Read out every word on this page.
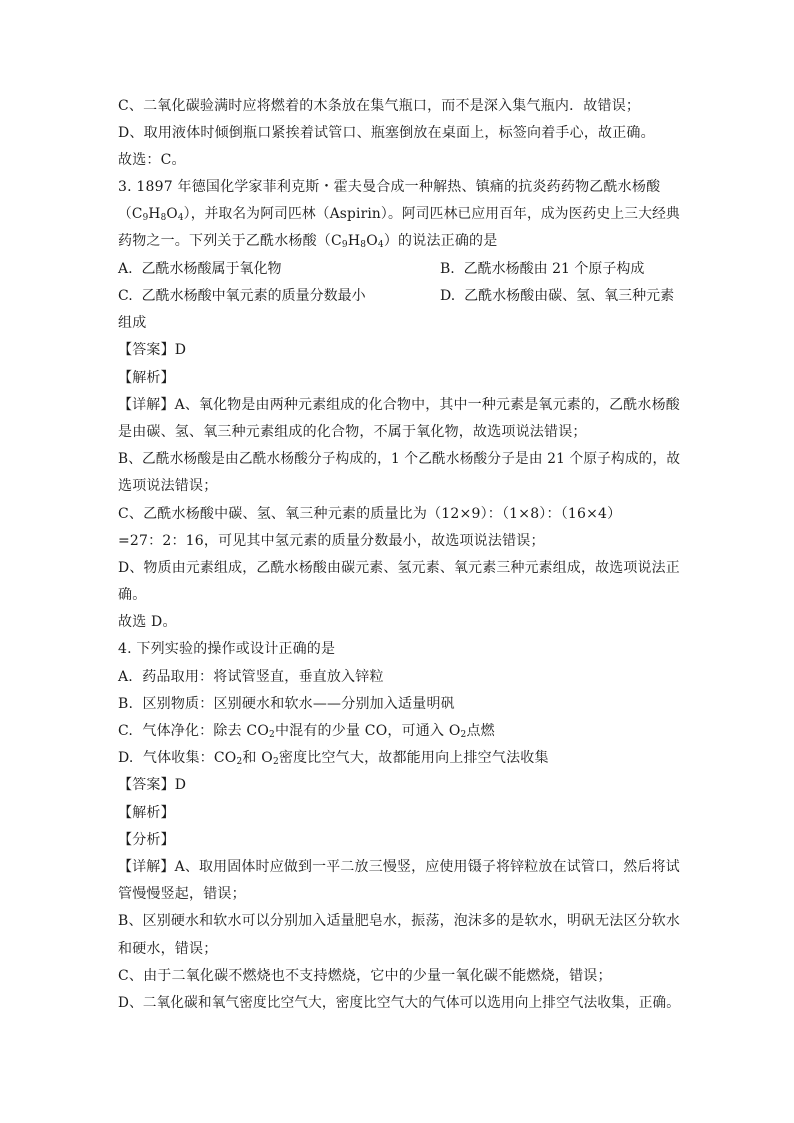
C、二氧化碳验满时应将燃着的木条放在集气瓶口，而不是深入集气瓶内．故错误；
D、取用液体时倾倒瓶口紧挨着试管口、瓶塞倒放在桌面上，标签向着手心，故正确。
故选：C。
3. 1897 年德国化学家菲利克斯・霍夫曼合成一种解热、镇痛的抗炎药药物乙酰水杨酸
$(C_9H_8O_4)$，并取名为阿司匹林（Aspirin）。阿司匹林已应用百年，成为医药史上三大经典
药物之一。下列关于乙酰水杨酸$(C_9H_8O_4)$的说法正确的是
A.  乙酰水杨酸属于氧化物	B.  乙酰水杨酸由 21 个原子构成
C.  乙酰水杨酸中氧元素的质量分数最小	D.  乙酰水杨酸由碳、氢、氧三种元素
组成
【答案】D
【解析】
【详解】A、氧化物是由两种元素组成的化合物中，其中一种元素是氧元素的，乙酰水杨酸
是由碳、氢、氧三种元素组成的化合物，不属于氧化物，故选项说法错误；
B、乙酰水杨酸是由乙酰水杨酸分子构成的，1 个乙酰水杨酸分子是由 21 个原子构成的，故
选项说法错误；
C、乙酰水杨酸中碳、氢、氧三种元素的质量比为（12×9）：（1×8）：（16×4）
=27：2：16，可见其中氢元素的质量分数最小，故选项说法错误；
D、物质由元素组成，乙酰水杨酸由碳元素、氢元素、氧元素三种元素组成，故选项说法正
确。
故选 D。
4. 下列实验的操作或设计正确的是
A.  药品取用：将试管竖直，垂直放入锌粒
B.  区别物质：区别硬水和软水——分别加入适量明矾
C.  气体净化：除去 $CO_2$中混有的少量 CO，可通入 $O_2$点燃
D.  气体收集：$CO_2$和 $O_2$密度比空气大，故都能用向上排空气法收集
【答案】D
【解析】
【分析】
【详解】A、取用固体时应做到一平二放三慢竖，应使用镊子将锌粒放在试管口，然后将试
管慢慢竖起，错误；
B、区别硬水和软水可以分别加入适量肥皂水，振荡，泡沫多的是软水，明矾无法区分软水
和硬水，错误；
C、由于二氧化碳不燃烧也不支持燃烧，它中的少量一氧化碳不能燃烧，错误；
D、二氧化碳和氧气密度比空气大，密度比空气大的气体可以选用向上排空气法收集，正确。
